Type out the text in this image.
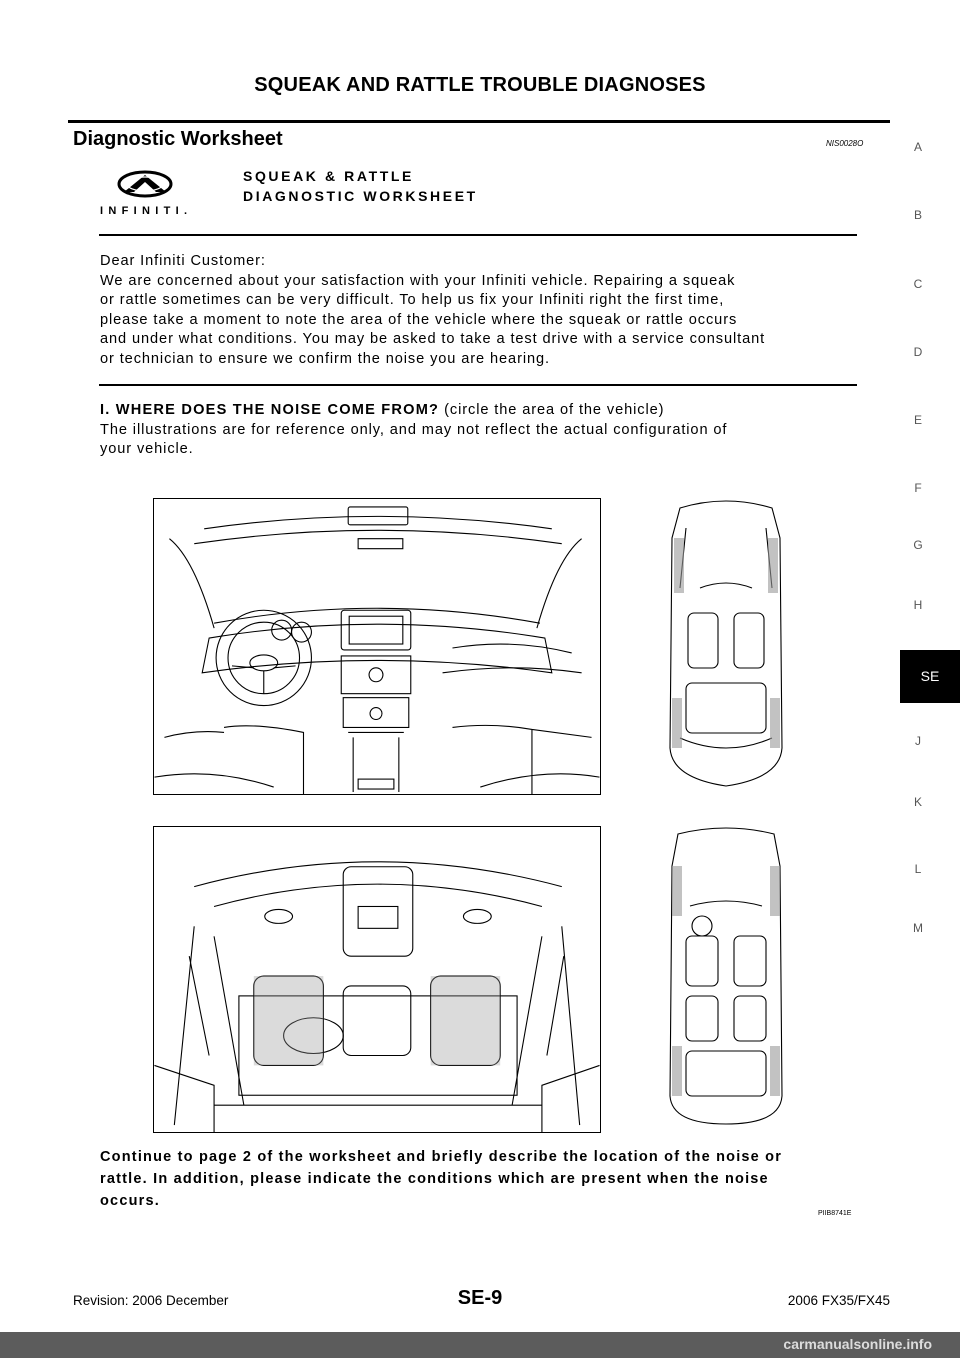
SQUEAK AND RATTLE TROUBLE DIAGNOSES
Diagnostic Worksheet	NIS0028O
INFINITI.
SQUEAK & RATTLE
DIAGNOSTIC WORKSHEET
Dear Infiniti Customer:
We are concerned about your satisfaction with your Infiniti vehicle. Repairing a squeak
or rattle sometimes can be very difficult. To help us fix your Infiniti right the first time,
please take a moment to note the area of the vehicle where the squeak or rattle occurs
and under what conditions. You may be asked to take a test drive with a service consultant
or technician to ensure we confirm the noise you are hearing.
I. WHERE DOES THE NOISE COME FROM? (circle the area of the vehicle)
The illustrations are for reference only, and may not reflect the actual configuration of
your vehicle.
Continue to page 2 of the worksheet and briefly describe the location of the noise or
rattle. In addition, please indicate the conditions which are present when the noise
occurs.
PIIB8741E
A
B
C
D
E
F
G
H
SE
J
K
L
M
Revision: 2006 December	SE-9	2006 FX35/FX45
carmanualsonline.info
